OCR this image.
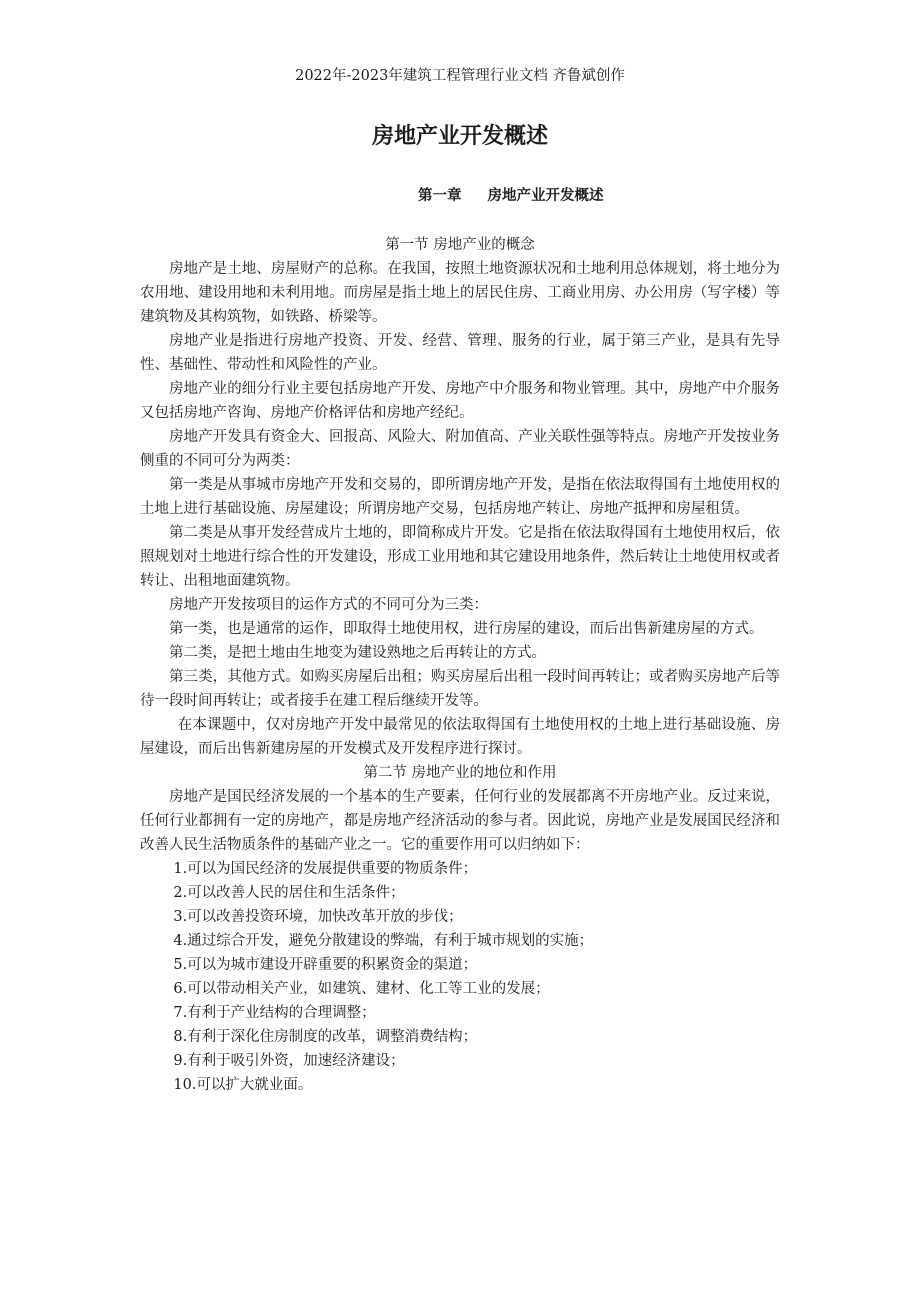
2022年-2023年建筑工程管理行业文档 齐鲁斌创作
房地产业开发概述
第一章 房地产业开发概述

第一节 房地产业的概念

房地产是土地、房屋财产的总称。在我国，按照土地资源状况和土地利用总体规划，将土地分为农用地、建设用地和未利用地。而房屋是指土地上的居民住房、工商业用房、办公用房（写字楼）等建筑物及其构筑物，如铁路、桥梁等。

房地产业是指进行房地产投资、开发、经营、管理、服务的行业，属于第三产业，是具有先导性、基础性、带动性和风险性的产业。

房地产业的细分行业主要包括房地产开发、房地产中介服务和物业管理。其中，房地产中介服务又包括房地产咨询、房地产价格评估和房地产经纪。

房地产开发具有资金大、回报高、风险大、附加值高、产业关联性强等特点。房地产开发按业务侧重的不同可分为两类：

第一类是从事城市房地产开发和交易的，即所谓房地产开发，是指在依法取得国有土地使用权的土地上进行基础设施、房屋建设；所谓房地产交易，包括房地产转让、房地产抵押和房屋租赁。

第二类是从事开发经营成片土地的，即简称成片开发。它是指在依法取得国有土地使用权后，依照规划对土地进行综合性的开发建设，形成工业用地和其它建设用地条件，然后转让土地使用权或者转让、出租地面建筑物。

房地产开发按项目的运作方式的不同可分为三类：

第一类，也是通常的运作，即取得土地使用权，进行房屋的建设，而后出售新建房屋的方式。

第二类，是把土地由生地变为建设熟地之后再转让的方式。

第三类，其他方式。如购买房屋后出租；购买房屋后出租一段时间再转让；或者购买房地产后等待一段时间再转让；或者接手在建工程后继续开发等。

在本课题中，仅对房地产开发中最常见的依法取得国有土地使用权的土地上进行基础设施、房屋建设，而后出售新建房屋的开发模式及开发程序进行探讨。

第二节 房地产业的地位和作用

房地产是国民经济发展的一个基本的生产要素，任何行业的发展都离不开房地产业。反过来说，任何行业都拥有一定的房地产，都是房地产经济活动的参与者。因此说，房地产业是发展国民经济和改善人民生活物质条件的基础产业之一。它的重要作用可以归纳如下：

1.可以为国民经济的发展提供重要的物质条件；

2.可以改善人民的居住和生活条件；

3.可以改善投资环境，加快改革开放的步伐；

4.通过综合开发，避免分散建设的弊端，有利于城市规划的实施；

5.可以为城市建设开辟重要的积累资金的渠道；

6.可以带动相关产业，如建筑、建材、化工等工业的发展；

7.有利于产业结构的合理调整；

8.有利于深化住房制度的改革，调整消费结构；

9.有利于吸引外资，加速经济建设；

10.可以扩大就业面。
